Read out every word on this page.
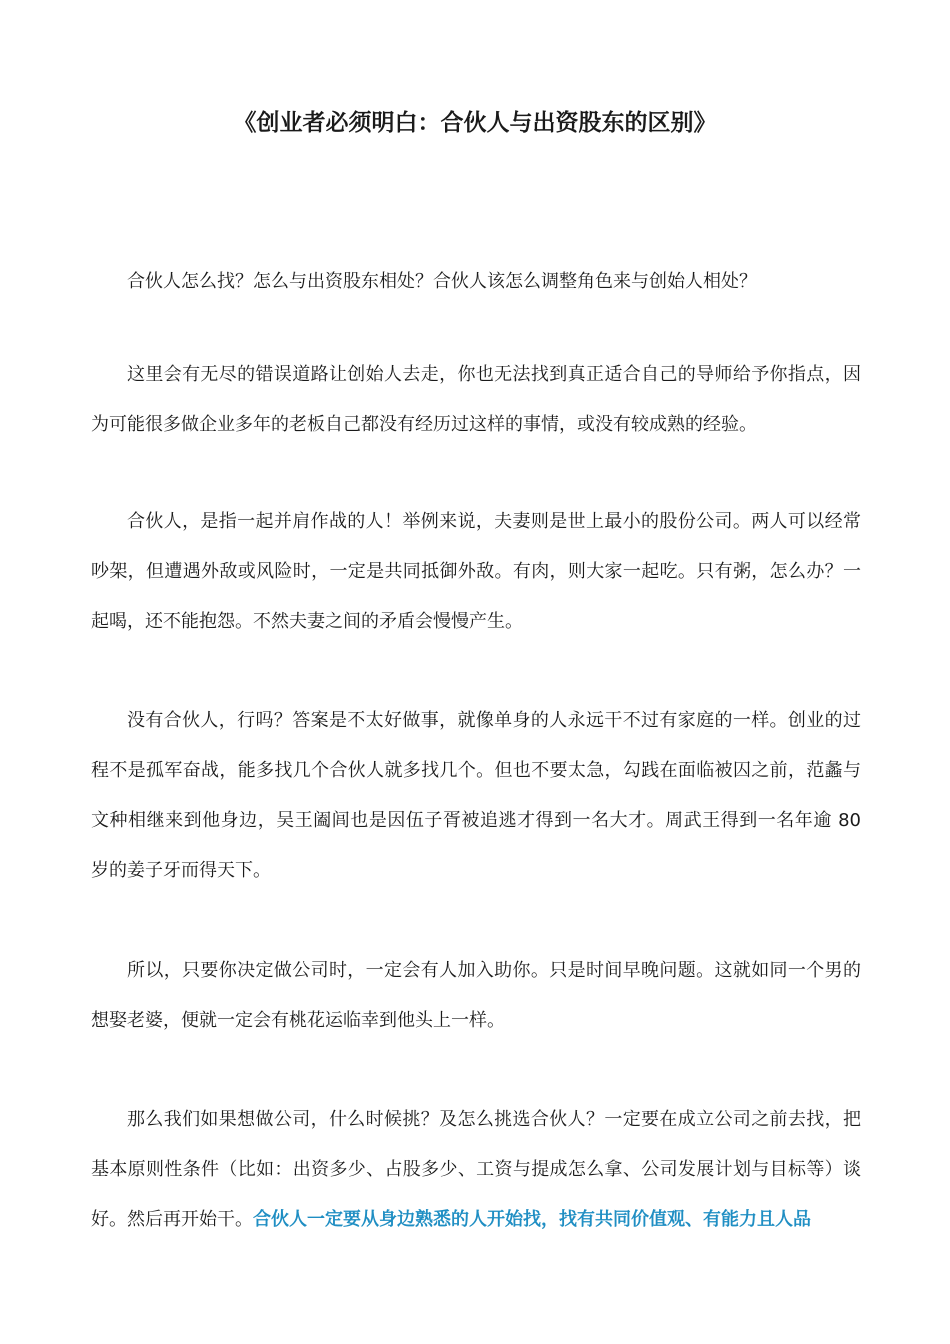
《创业者必须明白：合伙人与出资股东的区别》

合伙人怎么找？怎么与出资股东相处？合伙人该怎么调整角色来与创始人相处？

这里会有无尽的错误道路让创始人去走，你也无法找到真正适合自己的导师给予你指点，因为可能很多做企业多年的老板自己都没有经历过这样的事情，或没有较成熟的经验。

合伙人，是指一起并肩作战的人！举例来说，夫妻则是世上最小的股份公司。两人可以经常吵架，但遭遇外敌或风险时，一定是共同抵御外敌。有肉，则大家一起吃。只有粥，怎么办？一起喝，还不能抱怨。不然夫妻之间的矛盾会慢慢产生。

没有合伙人，行吗？答案是不太好做事，就像单身的人永远干不过有家庭的一样。创业的过程不是孤军奋战，能多找几个合伙人就多找几个。但也不要太急，勾践在面临被囚之前，范蠡与文种相继来到他身边，吴王阖闾也是因伍子胥被追逃才得到一名大才。周武王得到一名年逾 80 岁的姜子牙而得天下。

所以，只要你决定做公司时，一定会有人加入助你。只是时间早晚问题。这就如同一个男的想娶老婆，便就一定会有桃花运临幸到他头上一样。

那么我们如果想做公司，什么时候挑？及怎么挑选合伙人？一定要在成立公司之前去找，把基本原则性条件（比如：出资多少、占股多少、工资与提成怎么拿、公司发展计划与目标等）谈好。然后再开始干。合伙人一定要从身边熟悉的人开始找，找有共同价值观、有能力且人品
